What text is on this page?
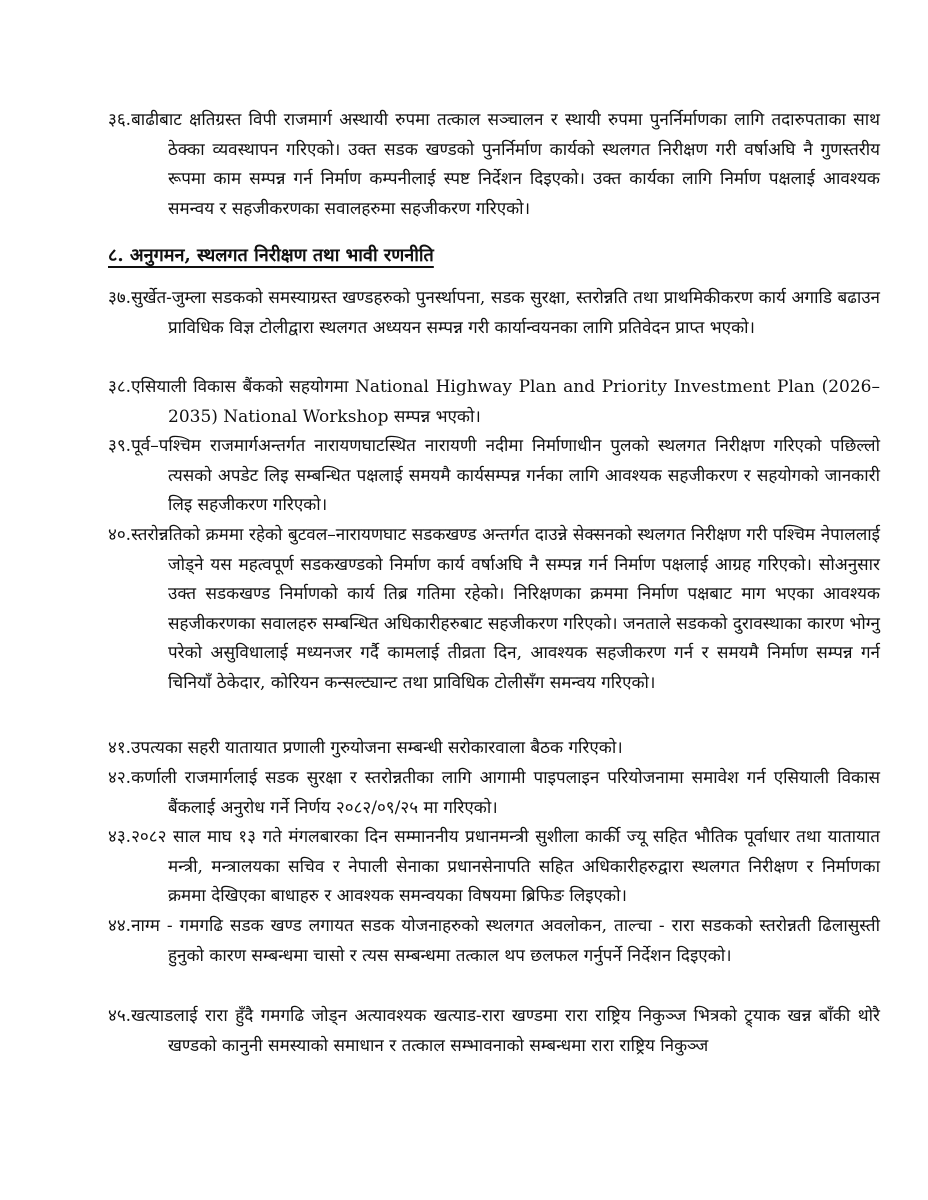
३६.बाढीबाट क्षतिग्रस्त विपी राजमार्ग अस्थायी रुपमा तत्काल सञ्चालन र स्थायी रुपमा पुनर्निर्माणका लागि तदारुपताका साथ ठेक्का व्यवस्थापन गरिएको। उक्त सडक खण्डको पुनर्निर्माण कार्यको स्थलगत निरीक्षण गरी वर्षाअघि नै गुणस्तरीय रूपमा काम सम्पन्न गर्न निर्माण कम्पनीलाई स्पष्ट निर्देशन दिइएको। उक्त कार्यका लागि निर्माण पक्षलाई आवश्यक समन्वय र सहजीकरणका सवालहरुमा सहजीकरण गरिएको।
८. अनुगमन, स्थलगत निरीक्षण तथा भावी रणनीति
३७.सुर्खेत-जुम्ला सडकको समस्याग्रस्त खण्डहरुको पुनर्स्थापना, सडक सुरक्षा, स्तरोन्नति तथा प्राथमिकीकरण कार्य अगाडि बढाउन प्राविधिक विज्ञ टोलीद्वारा स्थलगत अध्ययन सम्पन्न गरी कार्यान्वयनका लागि प्रतिवेदन प्राप्त भएको।
३८.एसियाली विकास बैंकको सहयोगमा National Highway Plan and Priority Investment Plan (2026–2035) National Workshop सम्पन्न भएको।
३९.पूर्व–पश्चिम राजमार्गअन्तर्गत नारायणघाटस्थित नारायणी नदीमा निर्माणाधीन पुलको स्थलगत निरीक्षण गरिएको पछिल्लो त्यसको अपडेट लिइ सम्बन्धित पक्षलाई समयमै कार्यसम्पन्न गर्नका लागि आवश्यक सहजीकरण र सहयोगको जानकारी लिइ सहजीकरण गरिएको।
४०.स्तरोन्नतिको क्रममा रहेको बुटवल–नारायणघाट सडकखण्ड अन्तर्गत दाउन्ने सेक्सनको स्थलगत निरीक्षण गरी पश्चिम नेपाललाई जोड्ने यस महत्वपूर्ण सडकखण्डको निर्माण कार्य वर्षाअघि नै सम्पन्न गर्न निर्माण पक्षलाई आग्रह गरिएको। सोअनुसार उक्त सडकखण्ड निर्माणको कार्य तिब्र गतिमा रहेको। निरिक्षणका क्रममा निर्माण पक्षबाट माग भएका आवश्यक सहजीकरणका सवालहरु सम्बन्धित अधिकारीहरुबाट सहजीकरण गरिएको। जनताले सडकको दुरावस्थाका कारण भोग्नु परेको असुविधालाई मध्यनजर गर्दै कामलाई तीव्रता दिन, आवश्यक सहजीकरण गर्न र समयमै निर्माण सम्पन्न गर्न चिनियाँ ठेकेदार, कोरियन कन्सल्ट्यान्ट तथा प्राविधिक टोलीसँग समन्वय गरिएको।
४१.उपत्यका सहरी यातायात प्रणाली गुरुयोजना सम्बन्धी सरोकारवाला बैठक गरिएको।
४२.कर्णाली राजमार्गलाई सडक सुरक्षा र स्तरोन्नतीका लागि आगामी पाइपलाइन परियोजनामा समावेश गर्न एसियाली विकास बैंकलाई अनुरोध गर्ने निर्णय २०८२/०९/२५ मा गरिएको।
४३.२०८२ साल माघ १३ गते मंगलबारका दिन सम्माननीय प्रधानमन्त्री सुशीला कार्की ज्यू सहित भौतिक पूर्वाधार तथा यातायात मन्त्री, मन्त्रालयका सचिव र नेपाली सेनाका प्रधानसेनापति सहित अधिकारीहरुद्वारा स्थलगत निरीक्षण र निर्माणका क्रममा देखिएका बाधाहरु र आवश्यक समन्वयका विषयमा ब्रिफिङ लिइएको।
४४.नाग्म - गमगढि सडक खण्ड लगायत सडक योजनाहरुको स्थलगत अवलोकन, ताल्चा - रारा सडकको स्तरोन्नती ढिलासुस्ती हुनुको कारण सम्बन्धमा चासो र त्यस सम्बन्धमा तत्काल थप छलफल गर्नुपर्ने निर्देशन दिइएको।
४५.खत्याडलाई रारा हुँदै गमगढि जोड्न अत्यावश्यक खत्याड-रारा खण्डमा रारा राष्ट्रिय निकुञ्ज भित्रको ट्र्याक खन्न बाँकी थोरै खण्डको कानुनी समस्याको समाधान र तत्काल सम्भावनाको सम्बन्धमा रारा राष्ट्रिय निकुञ्ज
